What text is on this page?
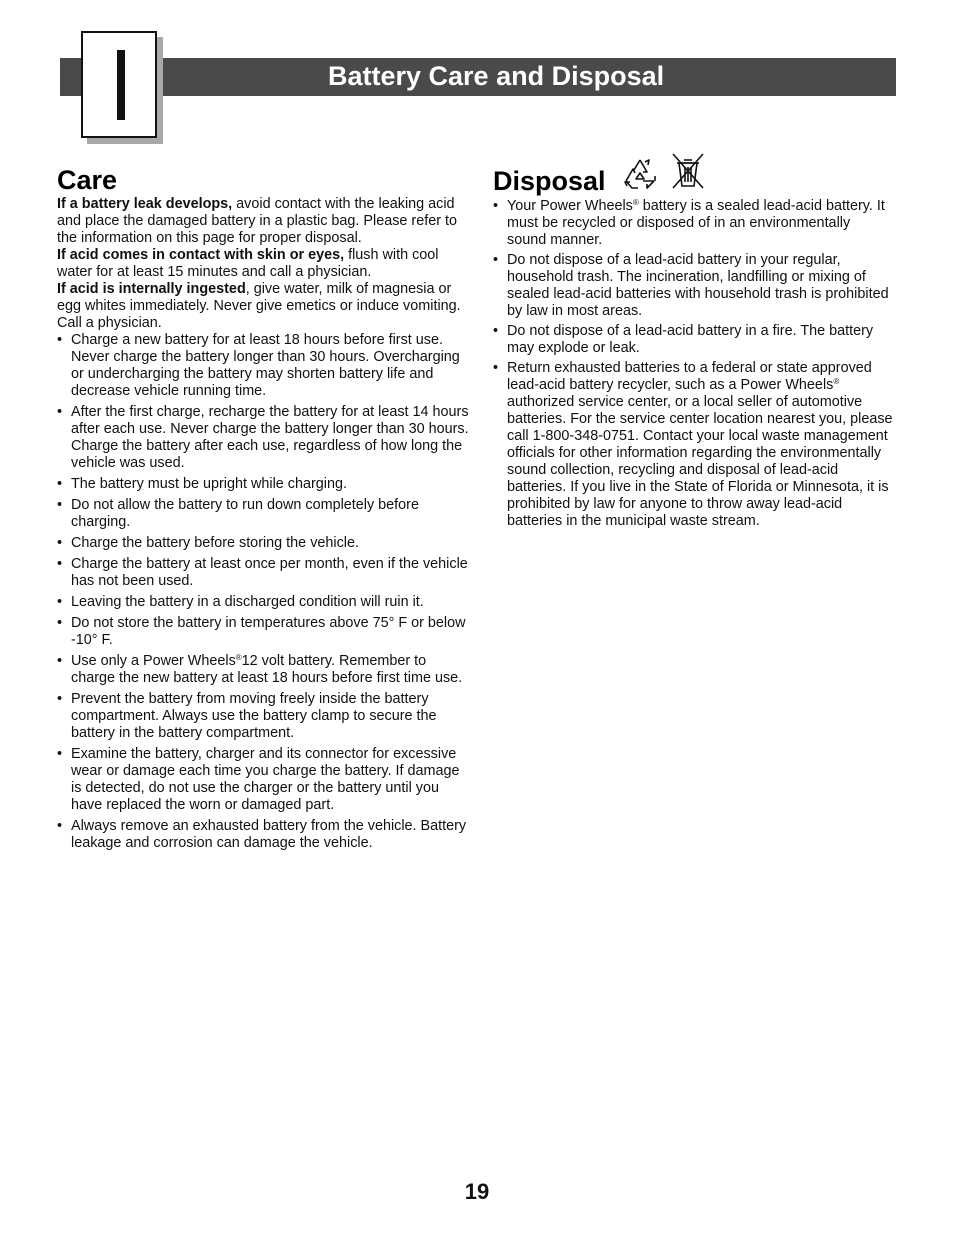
Battery Care and Disposal
Care

If a battery leak develops, avoid contact with the leaking acid and place the damaged battery in a plastic bag. Please refer to the information on this page for proper disposal.

If acid comes in contact with skin or eyes, flush with cool water for at least 15 minutes and call a physician.

If acid is internally ingested, give water, milk of magnesia or egg whites immediately. Never give emetics or induce vomiting. Call a physician.

• Charge a new battery for at least 18 hours before first use. Never charge the battery longer than 30 hours. Overcharging or undercharging the battery may shorten battery life and decrease vehicle running time.
• After the first charge, recharge the battery for at least 14 hours after each use. Never charge the battery longer than 30 hours. Charge the battery after each use, regardless of how long the vehicle was used.
• The battery must be upright while charging.
• Do not allow the battery to run down completely before charging.
• Charge the battery before storing the vehicle.
• Charge the battery at least once per month, even if the vehicle has not been used.
• Leaving the battery in a discharged condition will ruin it.
• Do not store the battery in temperatures above 75° F or below -10° F.
• Use only a Power Wheels®12 volt battery. Remember to charge the new battery at least 18 hours before first time use.
• Prevent the battery from moving freely inside the battery compartment. Always use the battery clamp to secure the battery in the battery compartment.
• Examine the battery, charger and its connector for excessive wear or damage each time you charge the battery. If damage is detected, do not use the charger or the battery until you have replaced the worn or damaged part.
• Always remove an exhausted battery from the vehicle. Battery leakage and corrosion can damage the vehicle.
Disposal
• Your Power Wheels® battery is a sealed lead-acid battery. It must be recycled or disposed of in an environmentally sound manner.
• Do not dispose of a lead-acid battery in your regular, household trash. The incineration, landfilling or mixing of sealed lead-acid batteries with household trash is prohibited by law in most areas.
• Do not dispose of a lead-acid battery in a fire. The battery may explode or leak.
• Return exhausted batteries to a federal or state approved lead-acid battery recycler, such as a Power Wheels® authorized service center, or a local seller of automotive batteries. For the service center location nearest you, please call 1-800-348-0751. Contact your local waste management officials for other information regarding the environmentally sound collection, recycling and disposal of lead-acid batteries. If you live in the State of Florida or Minnesota, it is prohibited by law for anyone to throw away lead-acid batteries in the municipal waste stream.

19
